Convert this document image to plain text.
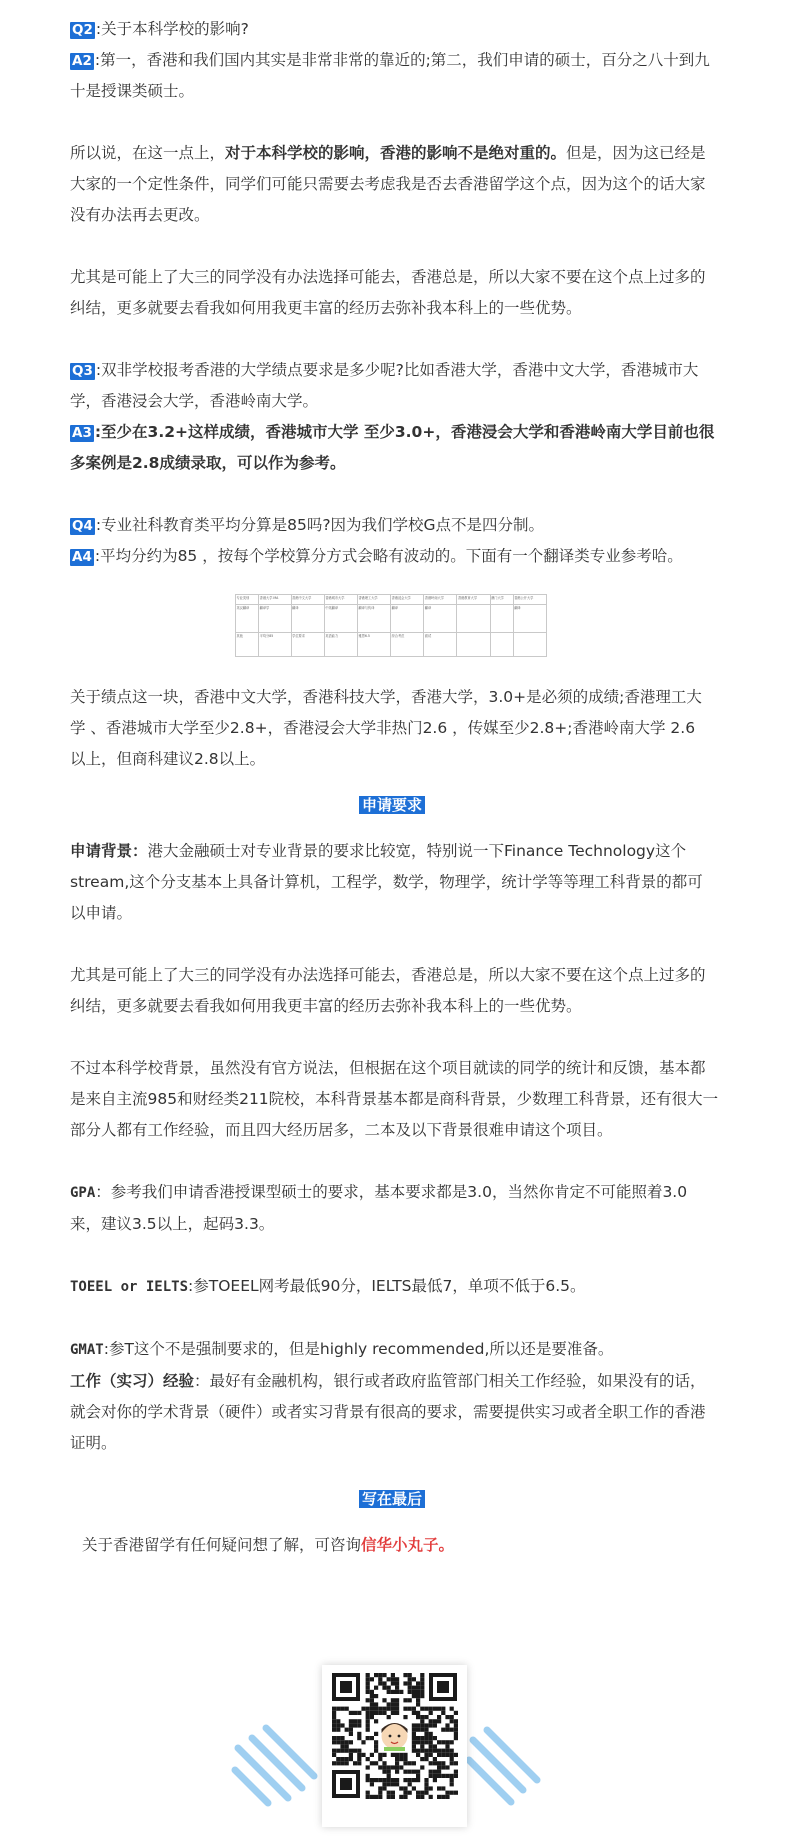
Q2 :关于本科学校的影响?
A2 :第一，香港和我们国内其实是非常非常的靠近的;第二，我们申请的硕士，百分之八十到九
十是授课类硕士。
所以说，在这一点上，对于本科学校的影响，香港的影响不是绝对重的。但是，因为这已经是
大家的一个定性条件，同学们可能只需要去考虑我是否去香港留学这个点，因为这个的话大家
没有办法再去更改。
尤其是可能上了大三的同学没有办法选择可能去，香港总是，所以大家不要在这个点上过多的
纠结，更多就要去看我如何用我更丰富的经历去弥补我本科上的一些优势。
Q3 :双非学校报考香港的大学绩点要求是多少呢?比如香港大学，香港中文大学，香港城市大
学，香港浸会大学，香港岭南大学。
A3 :至少在3.2+这样成绩，香港城市大学 至少3.0+，香港浸会大学和香港岭南大学目前也很
多案例是2.8成绩录取，可以作为参考。
Q4 :专业社科教育类平均分算是85吗?因为我们学校G点不是四分制。
A4 :平均分约为85 ，按每个学校算分方式会略有波动的。下面有一个翻译类专业参考哈。
专业类别	香港大学 MA	香港中文大学	香港城市大学	香港理工大学	香港浸会大学	香港岭南大学	香港教育大学	澳门大学	香港公开大学
英汉翻译	翻译学	翻译	中英翻译	翻译与传译	翻译	翻译			翻译
其他	平均分85	学位要求	英语能力	雅思6.5	综合考虑	面试			
关于绩点这一块，香港中文大学，香港科技大学，香港大学，3.0+是必须的成绩;香港理工大
学 、香港城市大学至少2.8+，香港浸会大学非热门2.6 ，传媒至少2.8+;香港岭南大学 2.6
以上，但商科建议2.8以上。
申请要求
申请背景：港大金融硕士对专业背景的要求比较宽，特别说一下Finance Technology这个
stream,这个分支基本上具备计算机，工程学，数学，物理学，统计学等等理工科背景的都可
以申请。
尤其是可能上了大三的同学没有办法选择可能去，香港总是，所以大家不要在这个点上过多的
纠结，更多就要去看我如何用我更丰富的经历去弥补我本科上的一些优势。
不过本科学校背景，虽然没有官方说法，但根据在这个项目就读的同学的统计和反馈，基本都
是来自主流985和财经类211院校，本科背景基本都是商科背景，少数理工科背景，还有很大一
部分人都有工作经验，而且四大经历居多，二本及以下背景很难申请这个项目。
GPA：参考我们申请香港授课型硕士的要求，基本要求都是3.0，当然你肯定不可能照着3.0
来，建议3.5以上，起码3.3。
TOEEL or IELTS:参TOEEL网考最低90分，IELTS最低7，单项不低于6.5。
GMAT:参T这个不是强制要求的，但是highly recommended,所以还是要准备。
工作（实习）经验：最好有金融机构，银行或者政府监管部门相关工作经验，如果没有的话，
就会对你的学术背景（硬件）或者实习背景有很高的要求，需要提供实习或者全职工作的香港
证明。
写在最后
关于香港留学有任何疑问想了解，可咨询信华小丸子。
